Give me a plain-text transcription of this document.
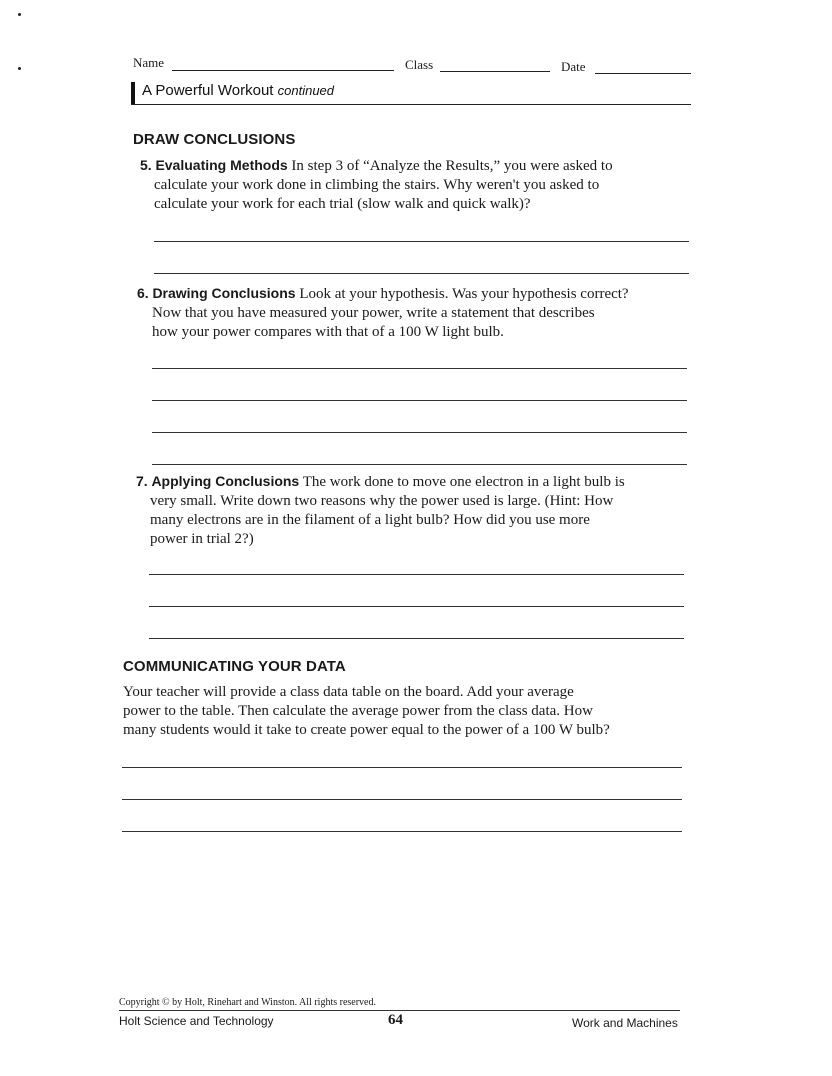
Name	Class	Date
A Powerful Workout continued
DRAW CONCLUSIONS
5. Evaluating Methods In step 3 of “Analyze the Results,” you were asked to
calculate your work done in climbing the stairs. Why weren't you asked to
calculate your work for each trial (slow walk and quick walk)?
6. Drawing Conclusions Look at your hypothesis. Was your hypothesis correct?
Now that you have measured your power, write a statement that describes
how your power compares with that of a 100 W light bulb.
7. Applying Conclusions The work done to move one electron in a light bulb is
very small. Write down two reasons why the power used is large. (Hint: How
many electrons are in the filament of a light bulb? How did you use more
power in trial 2?)
COMMUNICATING YOUR DATA
Your teacher will provide a class data table on the board. Add your average
power to the table. Then calculate the average power from the class data. How
many students would it take to create power equal to the power of a 100 W bulb?
Copyright © by Holt, Rinehart and Winston. All rights reserved.
Holt Science and Technology	64	Work and Machines
